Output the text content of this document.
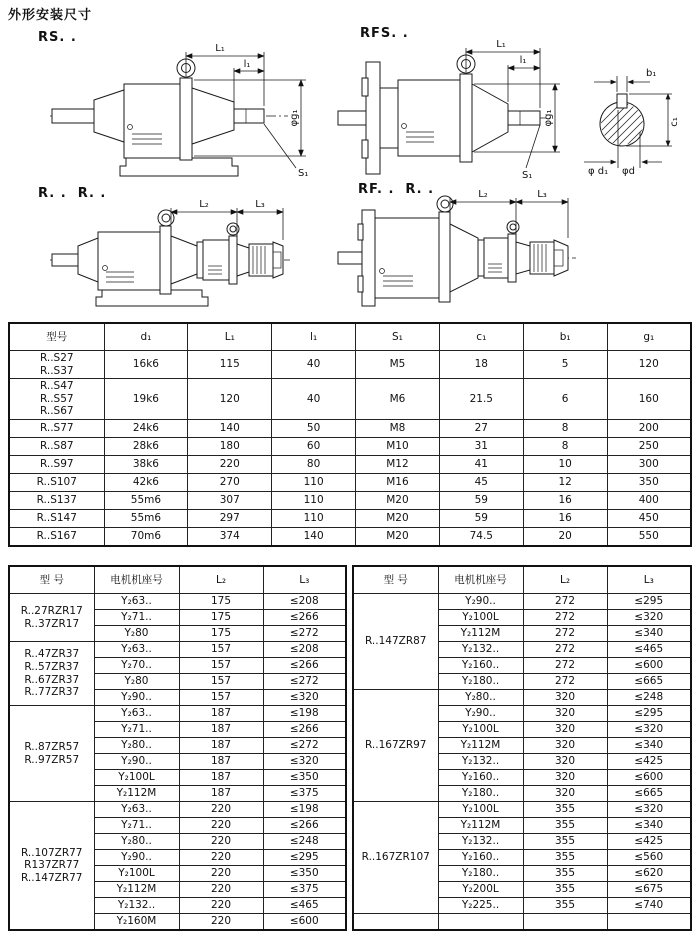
外形安装尺寸
RS. .	RFS. .
R. .  R. .	RF. .  R. .
L₁
l₁
φg₁
S₁
L₁
l₁
φg₁
S₁
b₁
c₁
φ d₁ φd
L₂	L₃
L₂	L₃
型号	d₁	L₁	l₁	S₁	c₁	b₁	g₁
R..S27
R..S37	16k6	115	40	M5	18	5	120
R..S47
R..S57
R..S67	19k6	120	40	M6	21.5	6	160
R..S77	24k6	140	50	M8	27	8	200
R..S87	28k6	180	60	M10	31	8	250
R..S97	38k6	220	80	M12	41	10	300
R..S107	42k6	270	110	M16	45	12	350
R..S137	55m6	307	110	M20	59	16	400
R..S147	55m6	297	110	M20	59	16	450
R..S167	70m6	374	140	M20	74.5	20	550
型 号	电机机座号	L₂	L₃
R..27RZR17
R..37ZR17	Y₂63..	175	≤208
	Y₂71..	175	≤266
	Y₂80	175	≤272
R..47ZR37
R..57ZR37
R..67ZR37
R..77ZR37	Y₂63..	157	≤208
	Y₂70..	157	≤266
	Y₂80	157	≤272
	Y₂90..	157	≤320
R..87ZR57
R..97ZR57	Y₂63..	187	≤198
	Y₂71..	187	≤266
	Y₂80..	187	≤272
	Y₂90..	187	≤320
	Y₂100L	187	≤350
	Y₂112M	187	≤375
R..107ZR77
R137ZR77
R..147ZR77	Y₂63..	220	≤198
	Y₂71..	220	≤266
	Y₂80..	220	≤248
	Y₂90..	220	≤295
	Y₂100L	220	≤350
	Y₂112M	220	≤375
	Y₂132..	220	≤465
	Y₂160M	220	≤600
型 号	电机机座号	L₂	L₃
R..147ZR87	Y₂90..	272	≤295
	Y₂100L	272	≤320
	Y₂112M	272	≤340
	Y₂132..	272	≤465
	Y₂160..	272	≤600
	Y₂180..	272	≤665
R..167ZR97	Y₂80..	320	≤248
	Y₂90..	320	≤295
	Y₂100L	320	≤320
	Y₂112M	320	≤340
	Y₂132..	320	≤425
	Y₂160..	320	≤600
	Y₂180..	320	≤665
R..167ZR107	Y₂100L	355	≤320
	Y₂112M	355	≤340
	Y₂132..	355	≤425
	Y₂160..	355	≤560
	Y₂180..	355	≤620
	Y₂200L	355	≤675
	Y₂225..	355	≤740
